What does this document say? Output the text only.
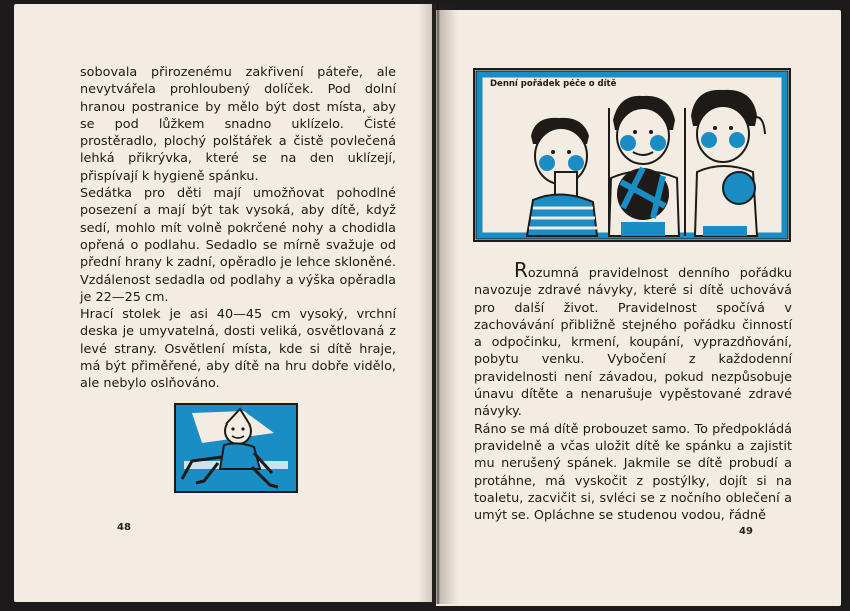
sobovala přirozenému zakřivení páteře, ale nevytvářela prohloubený dolíček. Pod dolní hranou postranice by mělo být dost místa, aby se pod lůžkem snadno uklízelo. Čisté prostěradlo, plochý polštářek a čistě povlečená lehká přikrývka, které se na den uklízejí, přispívají k hygieně spánku.

Sedátka pro děti mají umožňovat pohodlné posezení a mají být tak vysoká, aby dítě, když sedí, mohlo mít volně pokrčené nohy a chodidla opřená o podlahu. Sedadlo se mírně svažuje od přední hrany k zadní, opěradlo je lehce skloněné. Vzdálenost sedadla od podlahy a výška opěradla je 22—25 cm.

Hrací stolek je asi 40—45 cm vysoký, vrchní deska je umyvatelná, dosti veliká, osvětlovaná z levé strany. Osvětlení místa, kde si dítě hraje, má být přiměřené, aby dítě na hru dobře vidělo, ale nebylo oslňováno.

Denní pořádek péče o dítě

Rozumná pravidelnost denního pořádku navozuje zdravé návyky, které si dítě uchovává pro další život. Pravidelnost spočívá v zachovávání přibližně stejného pořádku činností a odpočinku, krmení, koupání, vyprazdňování, pobytu venku. Vybočení z každodenní pravidelnosti není závadou, pokud nezpůsobuje únavu dítěte a nenarušuje vypěstované zdravé návyky.

Ráno se má dítě probouzet samo. To předpokládá pravidelně a včas uložit dítě ke spánku a zajistit mu nerušený spánek. Jakmile se dítě probudí a protáhne, má vyskočit z postýlky, dojít si na toaletu, zacvičit si, svléci se z nočního oblečení a umýt se. Opláchne se studenou vodou, řádně

48	49
